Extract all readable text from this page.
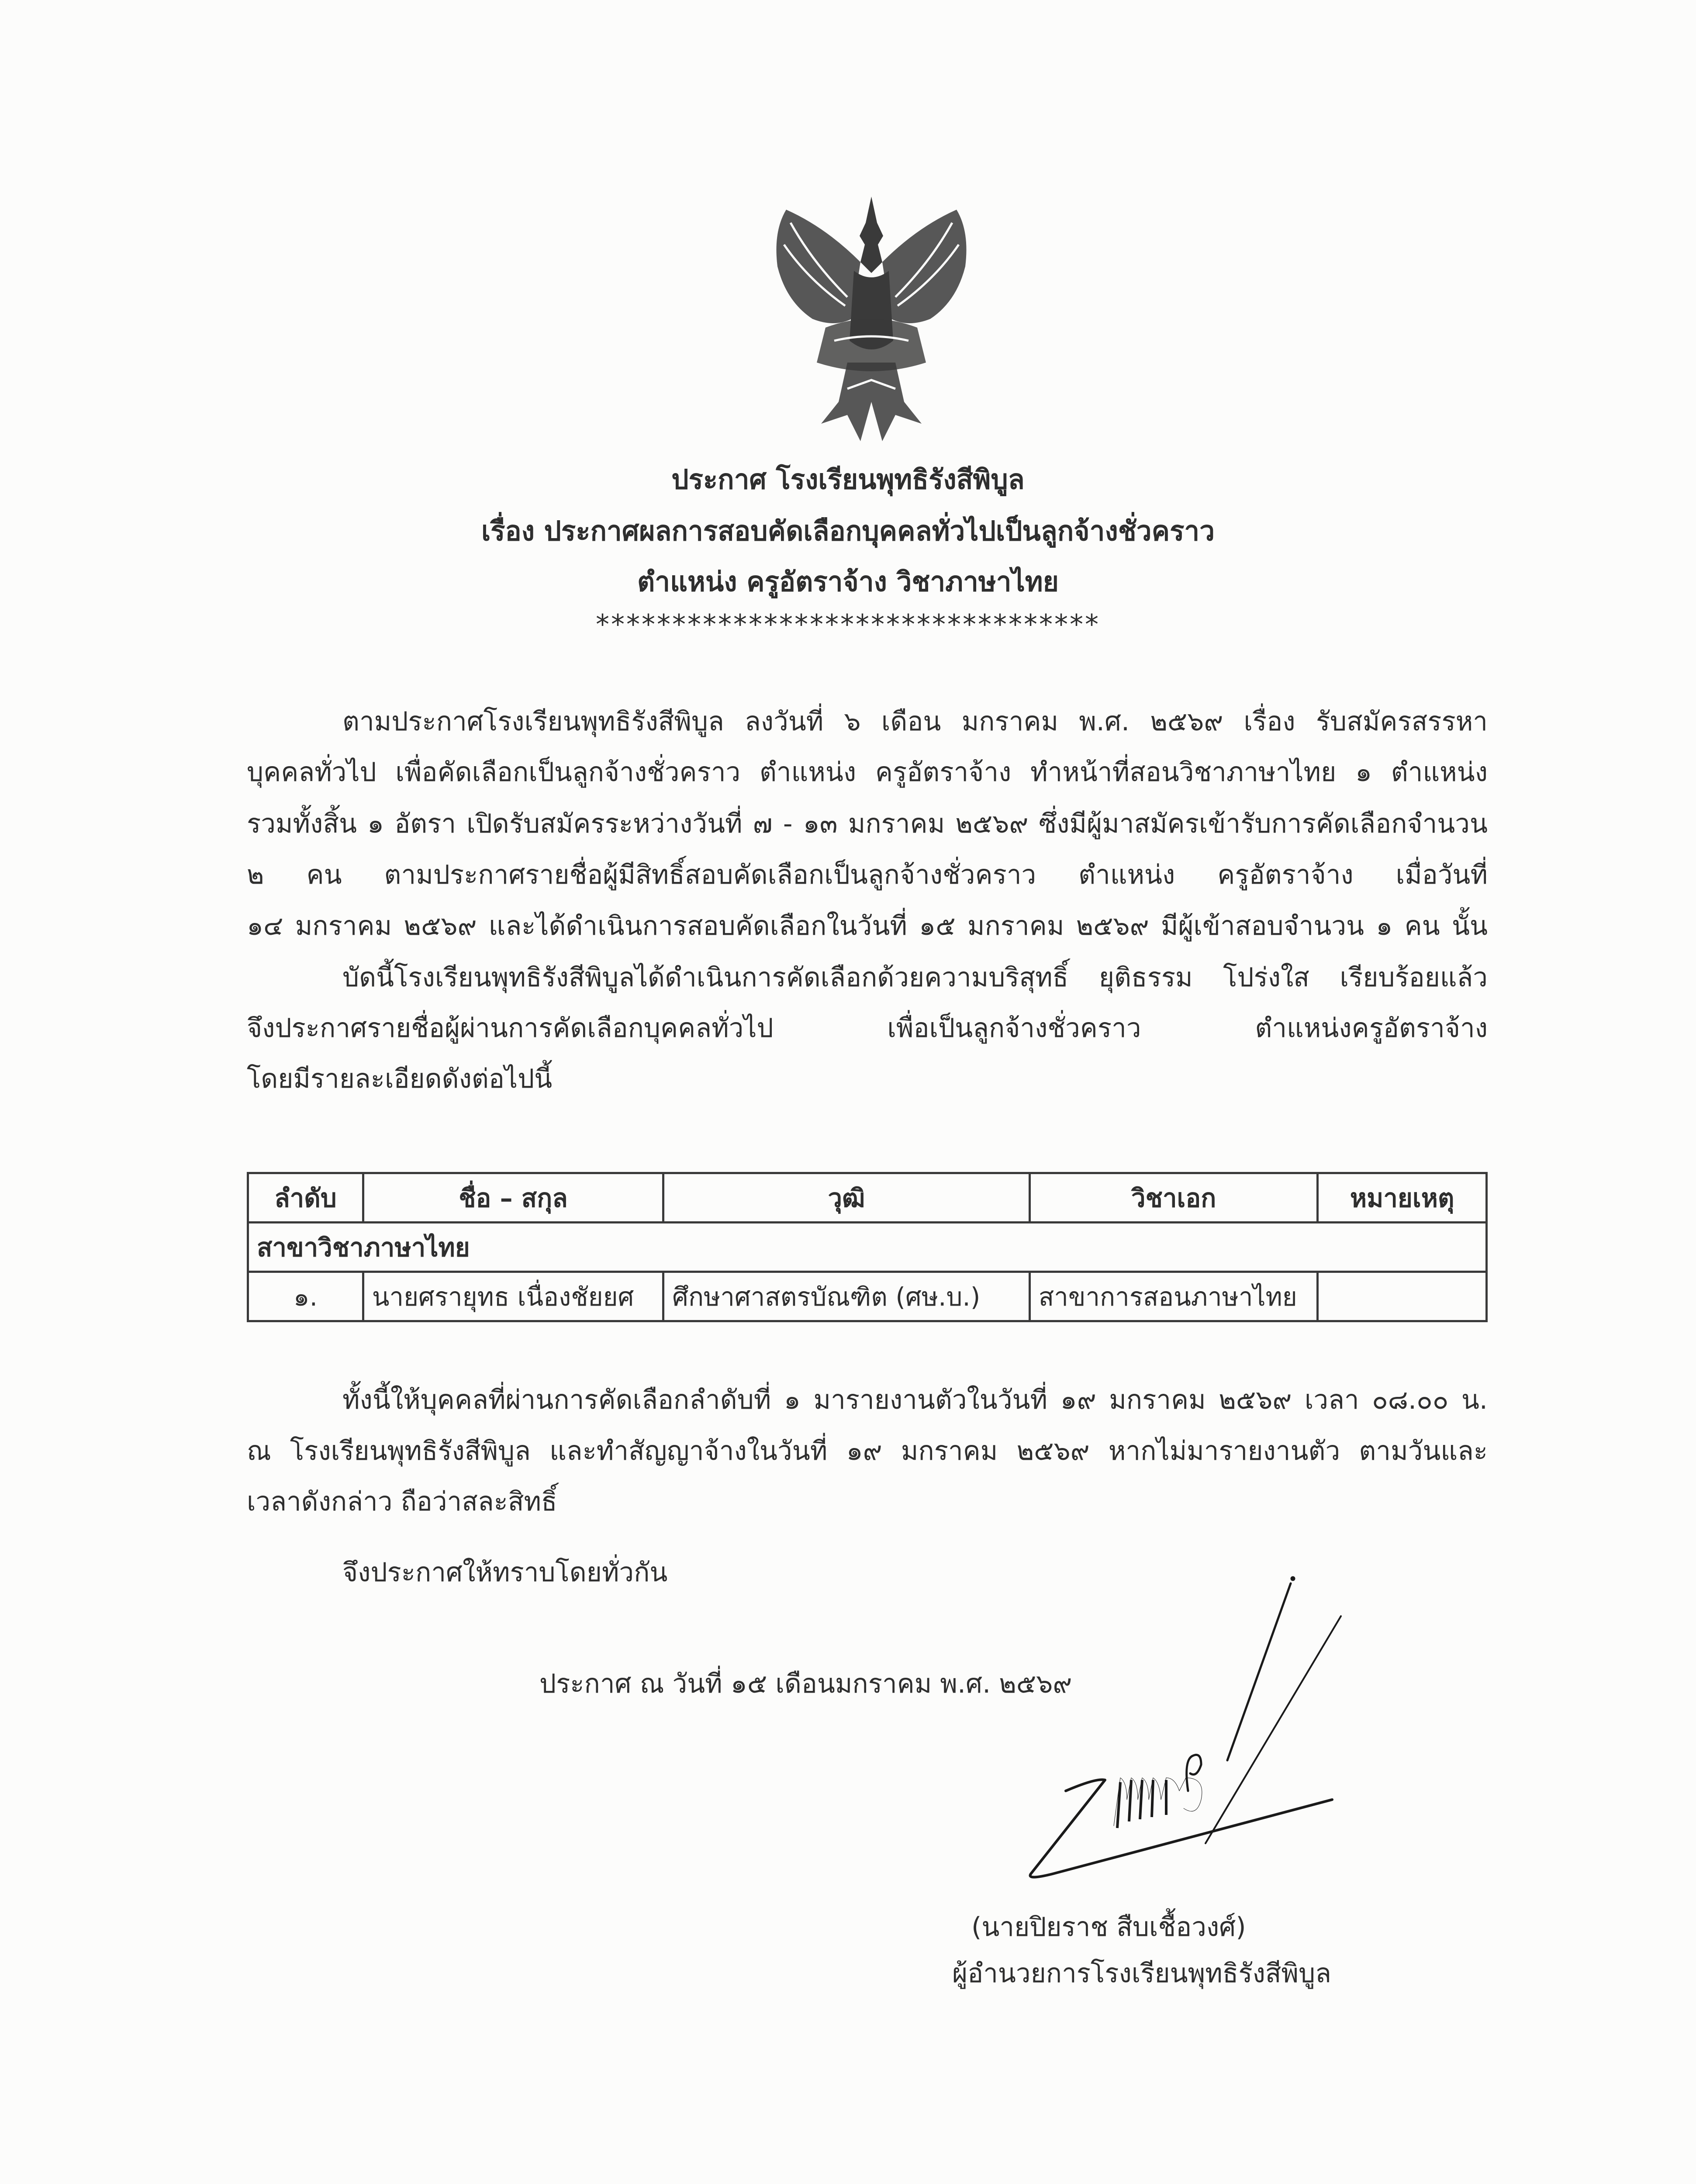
ประกาศ โรงเรียนพุทธิรังสีพิบูล
เรื่อง ประกาศผลการสอบคัดเลือกบุคคลทั่วไปเป็นลูกจ้างชั่วคราว
ตำแหน่ง ครูอัตราจ้าง วิชาภาษาไทย
*********************************
ตามประกาศโรงเรียนพุทธิรังสีพิบูล ลงวันที่ ๖ เดือน มกราคม พ.ศ. ๒๕๖๙ เรื่อง รับสมัครสรรหา
บุคคลทั่วไป เพื่อคัดเลือกเป็นลูกจ้างชั่วคราว ตำแหน่ง ครูอัตราจ้าง ทำหน้าที่สอนวิชาภาษาไทย ๑ ตำแหน่ง
รวมทั้งสิ้น ๑ อัตรา เปิดรับสมัครระหว่างวันที่ ๗ - ๑๓ มกราคม ๒๕๖๙ ซึ่งมีผู้มาสมัครเข้ารับการคัดเลือกจำนวน
๒ คน ตามประกาศรายชื่อผู้มีสิทธิ์สอบคัดเลือกเป็นลูกจ้างชั่วคราว ตำแหน่ง ครูอัตราจ้าง เมื่อวันที่
๑๔ มกราคม ๒๕๖๙ และได้ดำเนินการสอบคัดเลือกในวันที่ ๑๕ มกราคม ๒๕๖๙ มีผู้เข้าสอบจำนวน ๑ คน นั้น
บัดนี้โรงเรียนพุทธิรังสีพิบูลได้ดำเนินการคัดเลือกด้วยความบริสุทธิ์ ยุติธรรม โปร่งใส เรียบร้อยแล้ว
จึงประกาศรายชื่อผู้ผ่านการคัดเลือกบุคคลทั่วไป เพื่อเป็นลูกจ้างชั่วคราว ตำแหน่งครูอัตราจ้าง
โดยมีรายละเอียดดังต่อไปนี้
ลำดับ	ชื่อ – สกุล	วุฒิ	วิชาเอก	หมายเหตุ
สาขาวิชาภาษาไทย				
๑.	นายศรายุทธ เนื่องชัยยศ	ศึกษาศาสตรบัณฑิต (ศษ.บ.)	สาขาการสอนภาษาไทย	
ทั้งนี้ให้บุคคลที่ผ่านการคัดเลือกลำดับที่ ๑ มารายงานตัวในวันที่ ๑๙ มกราคม ๒๕๖๙ เวลา ๐๘.๐๐ น.
ณ โรงเรียนพุทธิรังสีพิบูล และทำสัญญาจ้างในวันที่ ๑๙ มกราคม ๒๕๖๙ หากไม่มารายงานตัว ตามวันและ
เวลาดังกล่าว ถือว่าสละสิทธิ์
จึงประกาศให้ทราบโดยทั่วกัน
ประกาศ ณ วันที่ ๑๕ เดือนมกราคม พ.ศ. ๒๕๖๙
(นายปิยราช สืบเชื้อวงศ์)
ผู้อำนวยการโรงเรียนพุทธิรังสีพิบูล
